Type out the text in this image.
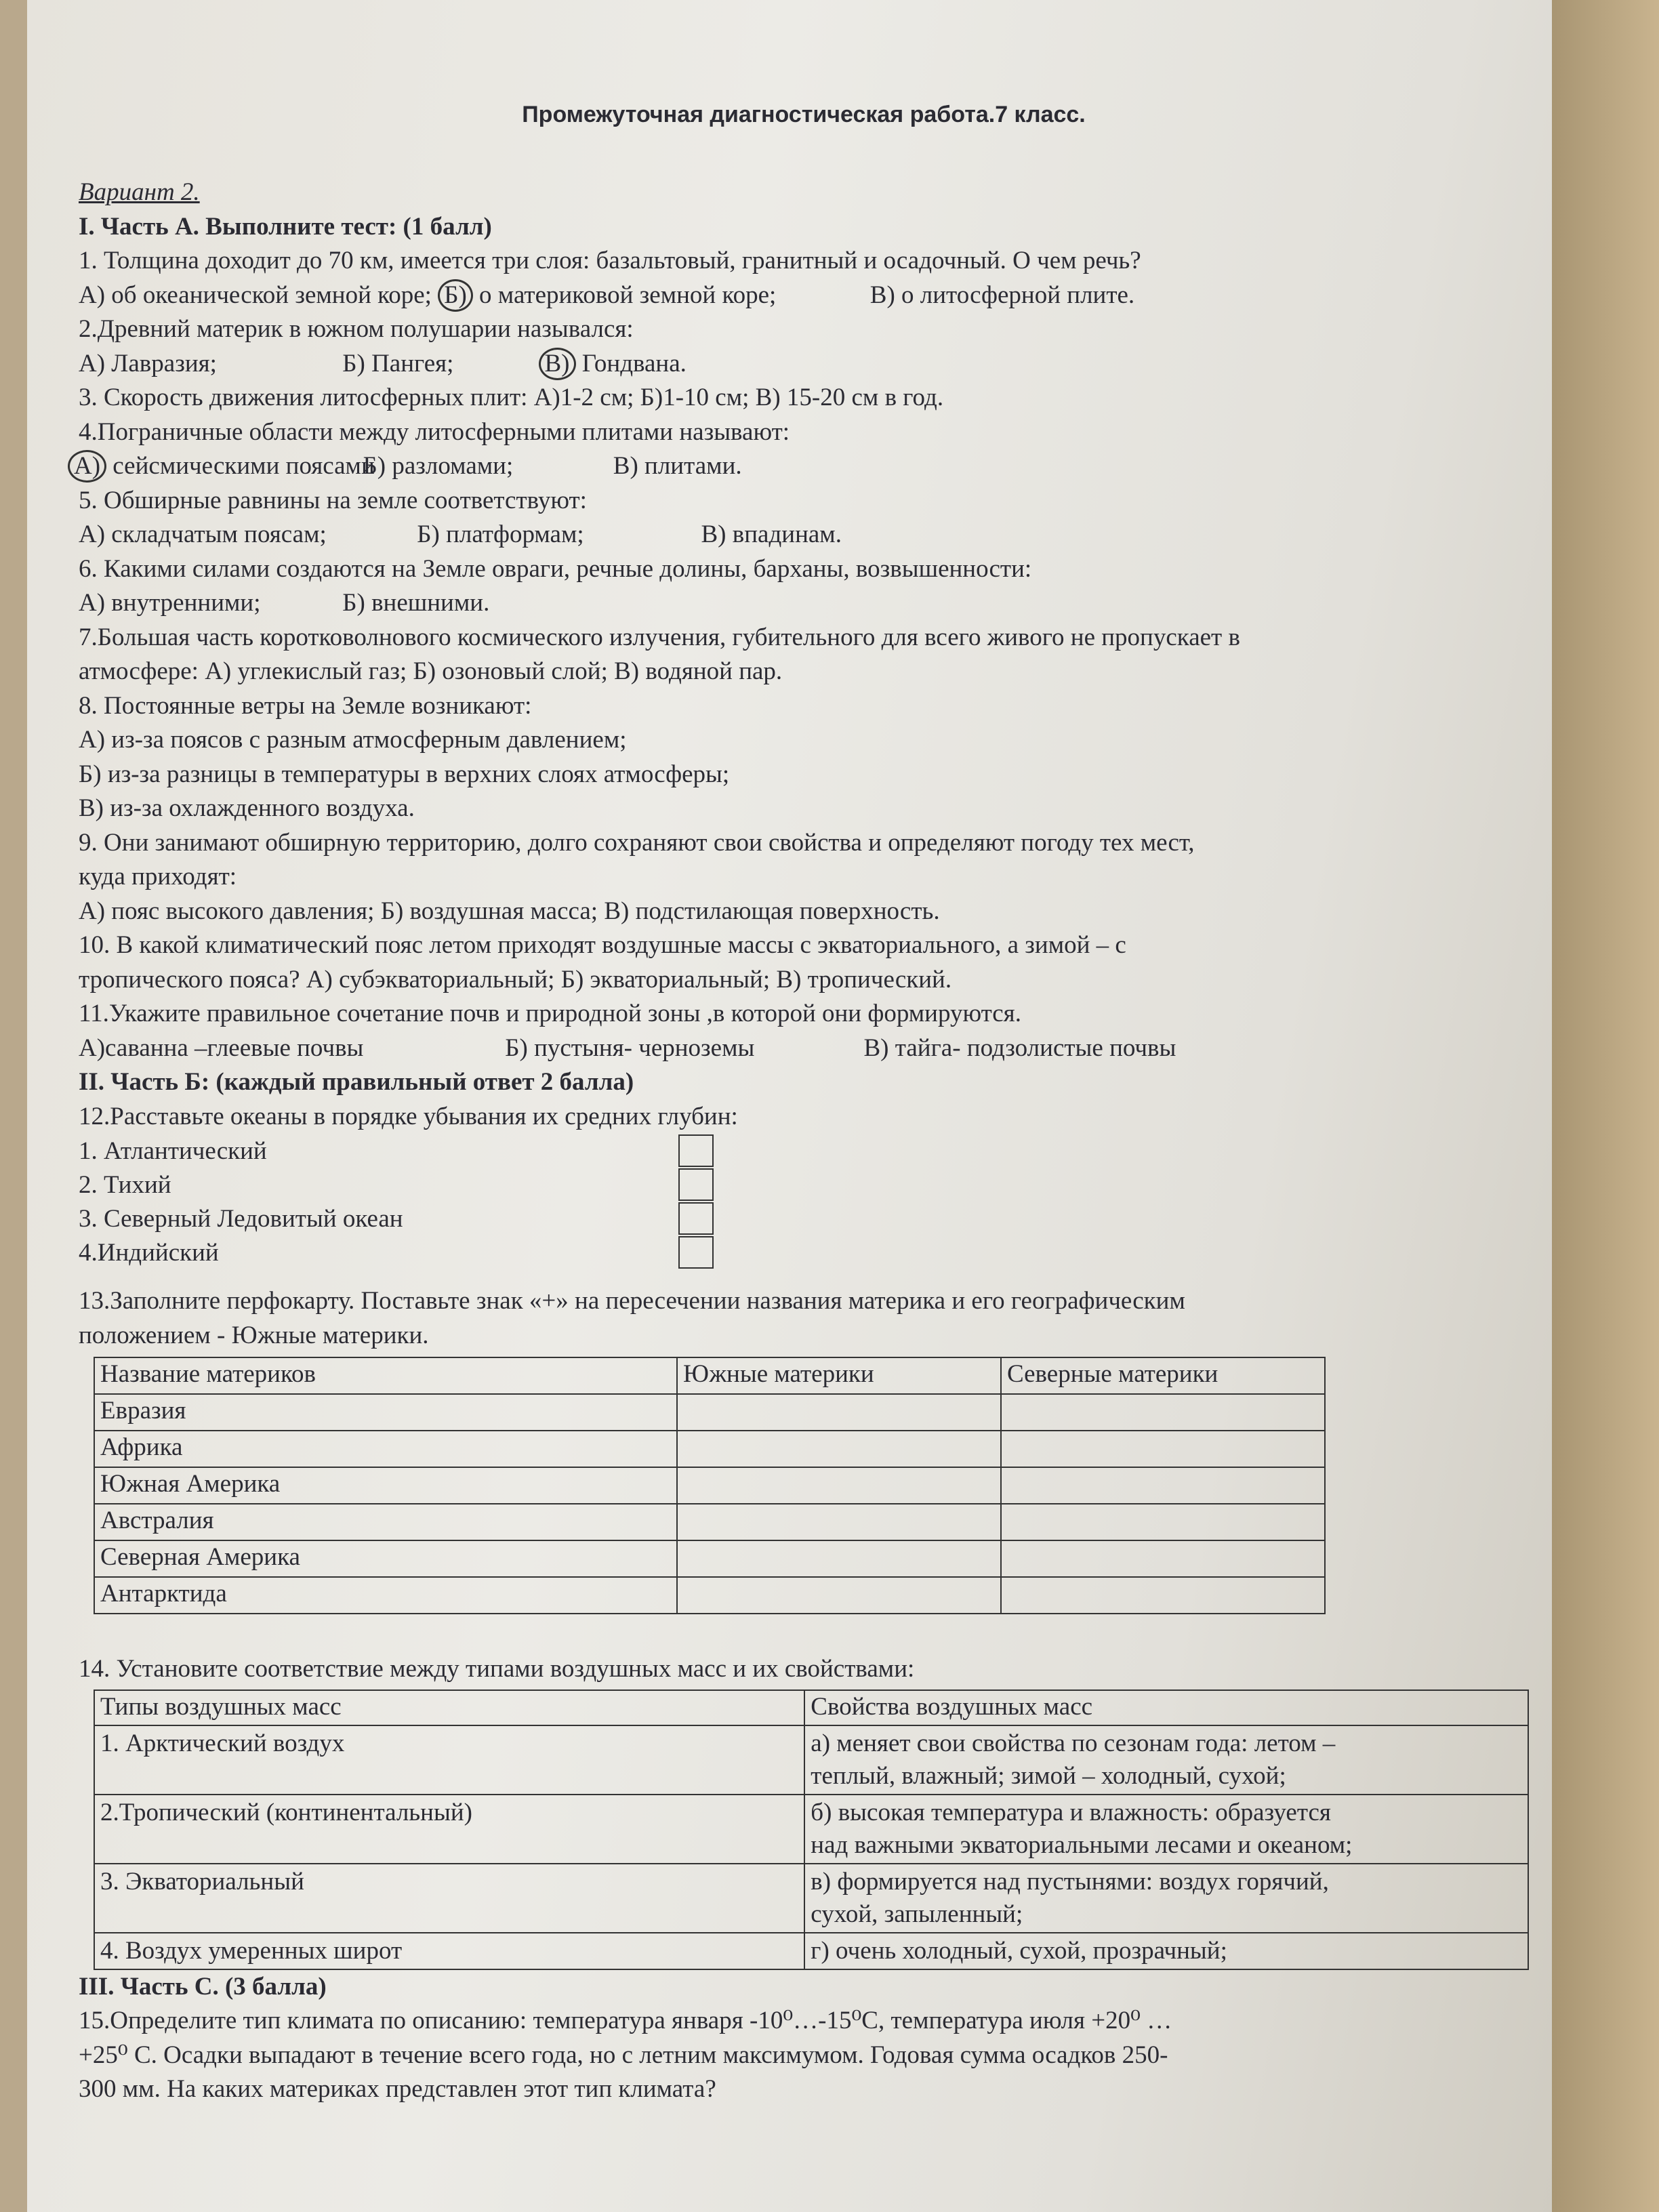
Промежуточная диагностическая работа.7 класс.
Вариант 2.
I. Часть А. Выполните тест: (1 балл)
1. Толщина доходит до 70 км, имеется три слоя: базальтовый, гранитный и осадочный. О чем речь?
А) об океанической земной коре; Б) о материковой земной коре;	В) о литосферной плите.
2.Древний материк в южном полушарии назывался:
А) Лавразия;	Б) Пангея;	В) Гондвана.
3. Скорость движения литосферных плит: А)1-2 см; Б)1-10 см; В) 15-20 см в год.
4.Пограничные области между литосферными плитами называют:
А) сейсмическими поясами Б) разломами;	В) плитами.
5. Обширные равнины на земле соответствуют:
А) складчатым поясам;	Б) платформам;	В) впадинам.
6. Какими силами создаются на Земле овраги, речные долины, барханы, возвышенности:
А) внутренними;	Б) внешними.
7.Большая часть коротковолнового космического излучения, губительного для всего живого не пропускает в
атмосфере: А) углекислый газ; Б) озоновый слой; В) водяной пар.
8. Постоянные ветры на Земле возникают:
А) из-за поясов с разным атмосферным давлением;
Б) из-за разницы в температуры в верхних слоях атмосферы;
В) из-за охлажденного воздуха.
9. Они занимают обширную территорию, долго сохраняют свои свойства и определяют погоду тех мест,
куда приходят:
А) пояс высокого давления; Б) воздушная масса; В) подстилающая поверхность.
10. В какой климатический пояс летом приходят воздушные массы с экваториального, а зимой – с
тропического пояса? А) субэкваториальный; Б) экваториальный; В) тропический.
11.Укажите правильное сочетание почв и природной зоны ,в которой они формируются.
А)саванна –глеевые почвы	Б) пустыня- черноземы	В) тайга- подзолистые почвы
II. Часть Б: (каждый правильный ответ 2 балла)
12.Расставьте океаны в порядке убывания их средних глубин:
1. Атлантический
2. Тихий
3. Северный Ледовитый океан
4.Индийский
13.Заполните перфокарту. Поставьте знак «+» на пересечении названия материка и его географическим
положением - Южные материки.
Название материков	Южные материки	Северные материки
Евразия		
Африка		
Южная Америка		
Австралия		
Северная Америка		
Антарктида		
14. Установите соответствие между типами воздушных масс и их свойствами:
Типы воздушных масс	Свойства воздушных масс
1. Арктический воздух	а) меняет свои свойства по сезонам года: летом –
теплый, влажный; зимой – холодный, сухой;

2.Тропический (континентальный)	б) высокая температура и влажность: образуется
над важными экваториальными лесами и океаном;

3. Экваториальный	в) формируется над пустынями: воздух горячий,
сухой, запыленный;

4. Воздух умеренных широт	г) очень холодный, сухой, прозрачный;
III. Часть С. (3 балла)
15.Определите тип климата по описанию: температура января -10⁰…-15⁰С, температура июля +20⁰ …
+25⁰ С. Осадки выпадают в течение всего года, но с летним максимумом. Годовая сумма осадков 250-
300 мм. На каких материках представлен этот тип климата?
